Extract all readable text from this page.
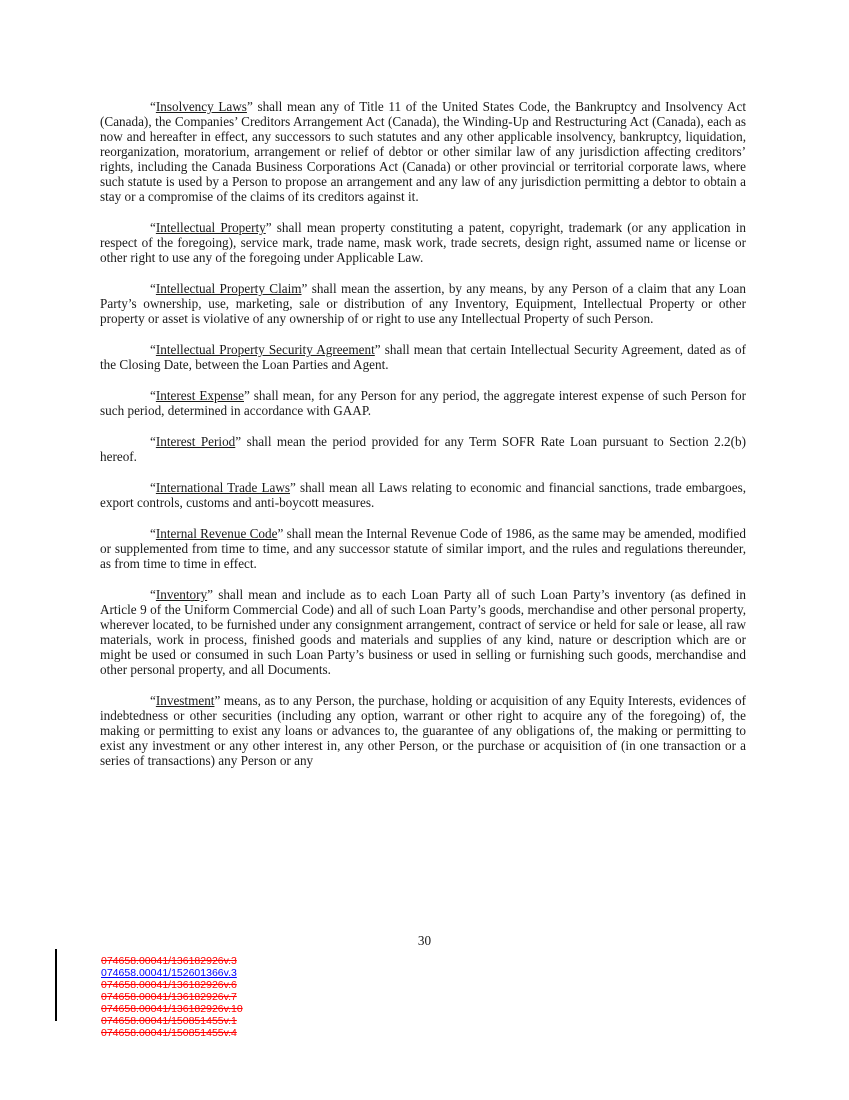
“Insolvency Laws” shall mean any of Title 11 of the United States Code, the Bankruptcy and Insolvency Act (Canada), the Companies’ Creditors Arrangement Act (Canada), the Winding-Up and Restructuring Act (Canada), each as now and hereafter in effect, any successors to such statutes and any other applicable insolvency, bankruptcy, liquidation, reorganization, moratorium, arrangement or relief of debtor or other similar law of any jurisdiction affecting creditors’ rights, including the Canada Business Corporations Act (Canada) or other provincial or territorial corporate laws, where such statute is used by a Person to propose an arrangement and any law of any jurisdiction permitting a debtor to obtain a stay or a compromise of the claims of its creditors against it.

“Intellectual Property” shall mean property constituting a patent, copyright, trademark (or any application in respect of the foregoing), service mark, trade name, mask work, trade secrets, design right, assumed name or license or other right to use any of the foregoing under Applicable Law.

“Intellectual Property Claim” shall mean the assertion, by any means, by any Person of a claim that any Loan Party’s ownership, use, marketing, sale or distribution of any Inventory, Equipment, Intellectual Property or other property or asset is violative of any ownership of or right to use any Intellectual Property of such Person.

“Intellectual Property Security Agreement” shall mean that certain Intellectual Security Agreement, dated as of the Closing Date, between the Loan Parties and Agent.

“Interest Expense” shall mean, for any Person for any period, the aggregate interest expense of such Person for such period, determined in accordance with GAAP.

“Interest Period” shall mean the period provided for any Term SOFR Rate Loan pursuant to Section 2.2(b) hereof.

“International Trade Laws” shall mean all Laws relating to economic and financial sanctions, trade embargoes, export controls, customs and anti-boycott measures.

“Internal Revenue Code” shall mean the Internal Revenue Code of 1986, as the same may be amended, modified or supplemented from time to time, and any successor statute of similar import, and the rules and regulations thereunder, as from time to time in effect.

“Inventory” shall mean and include as to each Loan Party all of such Loan Party’s inventory (as defined in Article 9 of the Uniform Commercial Code) and all of such Loan Party’s goods, merchandise and other personal property, wherever located, to be furnished under any consignment arrangement, contract of service or held for sale or lease, all raw materials, work in process, finished goods and materials and supplies of any kind, nature or description which are or might be used or consumed in such Loan Party’s business or used in selling or furnishing such goods, merchandise and other personal property, and all Documents.

“Investment” means, as to any Person, the purchase, holding or acquisition of any Equity Interests, evidences of indebtedness or other securities (including any option, warrant or other right to acquire any of the foregoing) of, the making or permitting to exist any loans or advances to, the guarantee of any obligations of, the making or permitting to exist any investment or any other interest in, any other Person, or the purchase or acquisition of (in one transaction or a series of transactions) any Person or any

30
074658.00041/136182926v.3
074658.00041/152601366v.3
074658.00041/136182926v.6
074658.00041/136182926v.7
074658.00041/136182926v.10
074658.00041/150851455v.1
074658.00041/150851455v.4
